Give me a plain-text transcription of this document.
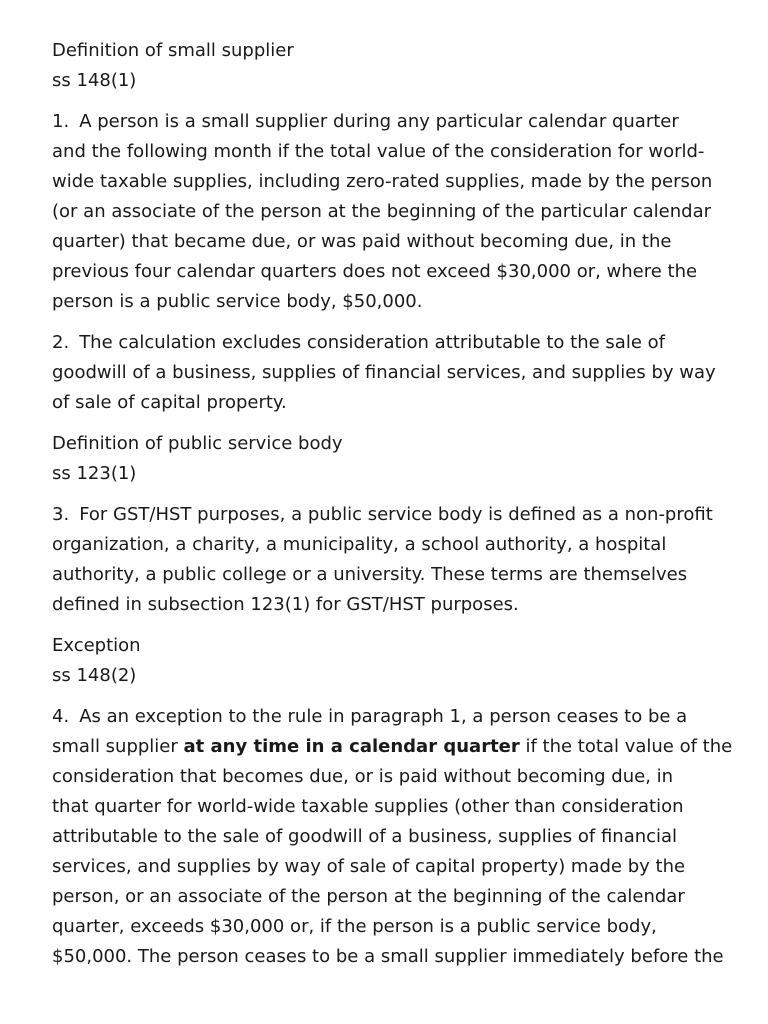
Definition of small supplier
ss 148(1)
1. A person is a small supplier during any particular calendar quarter
and the following month if the total value of the consideration for world-
wide taxable supplies, including zero-rated supplies, made by the person
(or an associate of the person at the beginning of the particular calendar
quarter) that became due, or was paid without becoming due, in the
previous four calendar quarters does not exceed $30,000 or, where the
person is a public service body, $50,000.
2. The calculation excludes consideration attributable to the sale of
goodwill of a business, supplies of financial services, and supplies by way
of sale of capital property.
Definition of public service body
ss 123(1)
3. For GST/HST purposes, a public service body is defined as a non-profit
organization, a charity, a municipality, a school authority, a hospital
authority, a public college or a university. These terms are themselves
defined in subsection 123(1) for GST/HST purposes.
Exception
ss 148(2)
4. As an exception to the rule in paragraph 1, a person ceases to be a
small supplier at any time in a calendar quarter if the total value of the
consideration that becomes due, or is paid without becoming due, in
that quarter for world-wide taxable supplies (other than consideration
attributable to the sale of goodwill of a business, supplies of financial
services, and supplies by way of sale of capital property) made by the
person, or an associate of the person at the beginning of the calendar
quarter, exceeds $30,000 or, if the person is a public service body,
$50,000. The person ceases to be a small supplier immediately before the
